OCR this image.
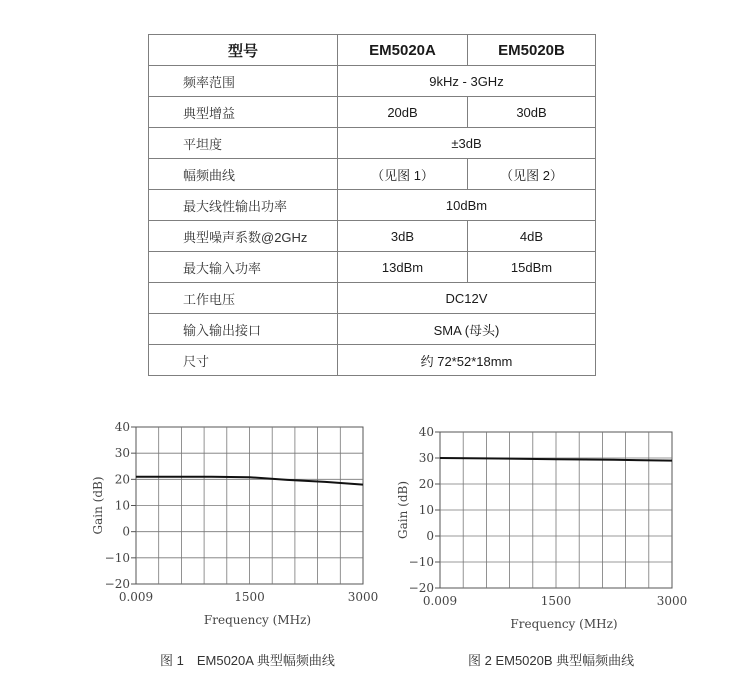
型号	EM5020A	EM5020B
频率范围	9kHz - 3GHz	
典型增益	20dB	30dB
平坦度	±3dB	
幅频曲线	（见图 1）	（见图 2）
最大线性输出功率	10dBm	
典型噪声系数@2GHz	3dB	4dB
最大输入功率	13dBm	15dBm
工作电压	DC12V	
输入输出接口	SMA (母头)	
尺寸	约 72*52*18mm	
40
30
20
10
0
−10
−20
0.009	1500	3000
Frequency (MHz)
Gain (dB)
40
30
20
10
0
−10
−20
0.009	1500	3000
Frequency (MHz)
Gain (dB)
图 1　EM5020A 典型幅频曲线	图 2 EM5020B 典型幅频曲线
